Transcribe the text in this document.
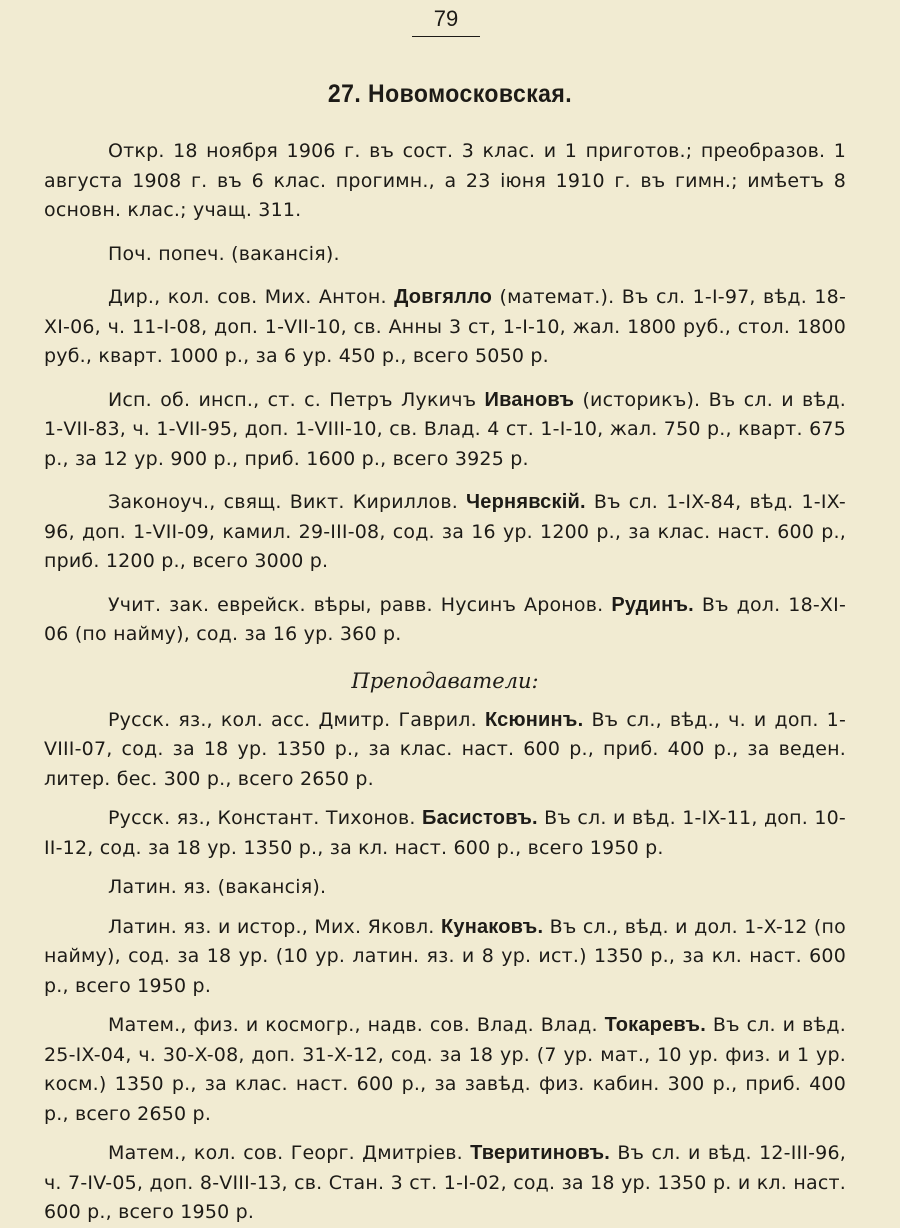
79
27. Новомосковская.

Откр. 18 ноября 1906 г. въ сост. 3 клас. и 1 приготов.; преобразов. 1 августа 1908 г. въ 6 клас. прогимн., а 23 іюня 1910 г. въ гимн.; имѣетъ 8 основн. клас.; учащ. 311.

Поч. попеч. (вакансія).

Дир., кол. сов. Мих. Антон. Довгялло (математ.). Въ сл. 1-I-97, вѣд. 18-XI-06, ч. 11-I-08, доп. 1-VII-10, св. Анны 3 ст, 1-I-10, жал. 1800 руб., стол. 1800 руб., кварт. 1000 р., за 6 ур. 450 р., всего 5050 р.

Исп. об. инсп., ст. с. Петръ Лукичъ Ивановъ (историкъ). Въ сл. и вѣд. 1-VII-83, ч. 1-VII-95, доп. 1-VIII-10, св. Влад. 4 ст. 1-I-10, жал. 750 р., кварт. 675 р., за 12 ур. 900 р., приб. 1600 р., всего 3925 р.

Законоуч., свящ. Викт. Кириллов. Чернявскій. Въ сл. 1-IX-84, вѣд. 1-IX-96, доп. 1-VII-09, камил. 29-III-08, сод. за 16 ур. 1200 р., за клас. наст. 600 р., приб. 1200 р., всего 3000 р.

Учит. зак. еврейск. вѣры, равв. Нусинъ Аронов. Рудинъ. Въ дол. 18-XI-06 (по найму), сод. за 16 ур. 360 р.

Преподаватели:

Русск. яз., кол. асс. Дмитр. Гаврил. Ксюнинъ. Въ сл., вѣд., ч. и доп. 1-VIII-07, сод. за 18 ур. 1350 р., за клас. наст. 600 р., приб. 400 р., за веден. литер. бес. 300 р., всего 2650 р.

Русск. яз., Констант. Тихонов. Басистовъ. Въ сл. и вѣд. 1-IX-11, доп. 10-II-12, сод. за 18 ур. 1350 р., за кл. наст. 600 р., всего 1950 р.

Латин. яз. (вакансія).

Латин. яз. и истор., Мих. Яковл. Кунаковъ. Въ сл., вѣд. и дол. 1-X-12 (по найму), сод. за 18 ур. (10 ур. латин. яз. и 8 ур. ист.) 1350 р., за кл. наст. 600 р., всего 1950 р.

Матем., физ. и космогр., надв. сов. Влад. Влад. Токаревъ. Въ сл. и вѣд. 25-IX-04, ч. 30-X-08, доп. 31-X-12, сод. за 18 ур. (7 ур. мат., 10 ур. физ. и 1 ур. косм.) 1350 р., за клас. наст. 600 р., за завѣд. физ. кабин. 300 р., приб. 400 р., всего 2650 р.

Матем., кол. сов. Георг. Дмитріев. Тверитиновъ. Въ сл. и вѣд. 12-III-96, ч. 7-IV-05, доп. 8-VIII-13, св. Стан. 3 ст. 1-I-02, сод. за 18 ур. 1350 р. и кл. наст. 600 р., всего 1950 р.
